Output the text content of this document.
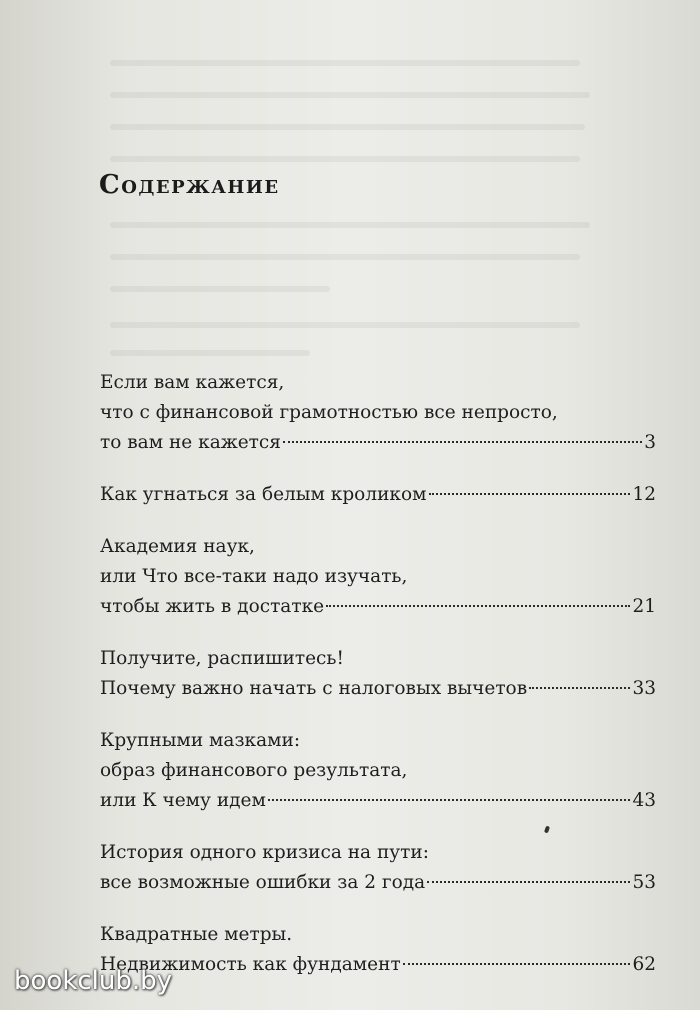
Содержание
Если вам кажется,
что с финансовой грамотностью все непросто,
то вам не кажется	3
Как угнаться за белым кроликом	12
Академия наук,
или Что все-таки надо изучать,
чтобы жить в достатке	21
Получите, распишитесь!
Почему важно начать с налоговых вычетов	33
Крупными мазками:
образ финансового результата,
или К чему идем	43
История одного кризиса на пути:
все возможные ошибки за 2 года	53
Квадратные метры.
Недвижимость как фундамент	62
bookclub.by
